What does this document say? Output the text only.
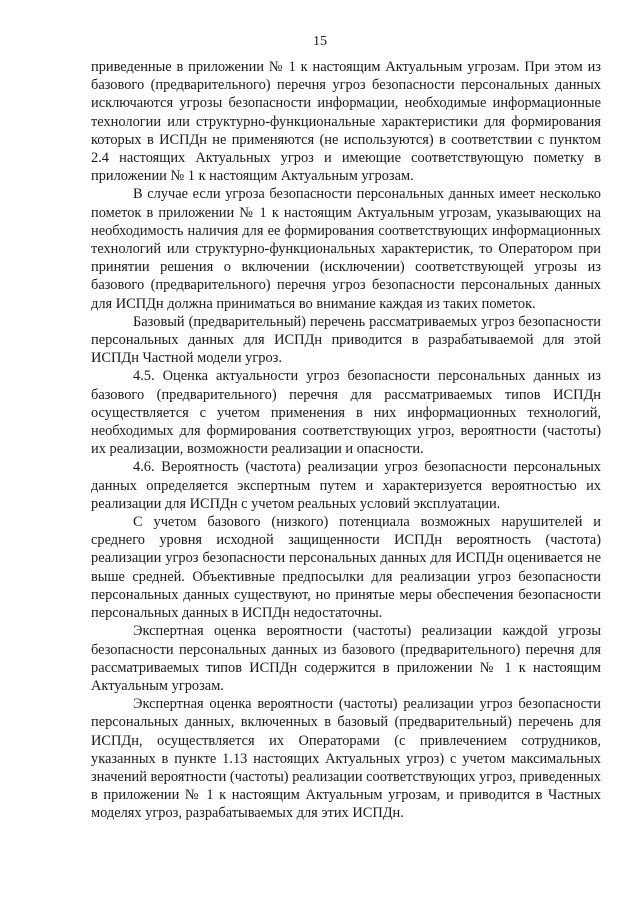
15

приведенные в приложении № 1 к настоящим Актуальным угрозам. При этом из базового (предварительного) перечня угроз безопасности персональных данных исключаются угрозы безопасности информации, необходимые информационные технологии или структурно-функциональные характеристики для формирования которых в ИСПДн не применяются (не используются) в соответствии с пунктом 2.4 настоящих Актуальных угроз и имеющие соответствующую пометку в приложении № 1 к настоящим Актуальным угрозам.

В случае если угроза безопасности персональных данных имеет несколько пометок в приложении № 1 к настоящим Актуальным угрозам, указывающих на необходимость наличия для ее формирования соответствующих информационных технологий или структурно-функциональных характеристик, то Оператором при принятии решения о включении (исключении) соответствующей угрозы из базового (предварительного) перечня угроз безопасности персональных данных для ИСПДн должна приниматься во внимание каждая из таких пометок.

Базовый (предварительный) перечень рассматриваемых угроз безопасности персональных данных для ИСПДн приводится в разрабатываемой для этой ИСПДн Частной модели угроз.

4.5. Оценка актуальности угроз безопасности персональных данных из базового (предварительного) перечня для рассматриваемых типов ИСПДн осуществляется с учетом применения в них информационных технологий, необходимых для формирования соответствующих угроз, вероятности (частоты) их реализации, возможности реализации и опасности.

4.6. Вероятность (частота) реализации угроз безопасности персональных данных определяется экспертным путем и характеризуется вероятностью их реализации для ИСПДн с учетом реальных условий эксплуатации.

С учетом базового (низкого) потенциала возможных нарушителей и среднего уровня исходной защищенности ИСПДн вероятность (частота) реализации угроз безопасности персональных данных для ИСПДн оценивается не выше средней. Объективные предпосылки для реализации угроз безопасности персональных данных существуют, но принятые меры обеспечения безопасности персональных данных в ИСПДн недостаточны.

Экспертная оценка вероятности (частоты) реализации каждой угрозы безопасности персональных данных из базового (предварительного) перечня для рассматриваемых типов ИСПДн содержится в приложении № 1 к настоящим Актуальным угрозам.

Экспертная оценка вероятности (частоты) реализации угроз безопасности персональных данных, включенных в базовый (предварительный) перечень для ИСПДн, осуществляется их Операторами (с привлечением сотрудников, указанных в пункте 1.13 настоящих Актуальных угроз) с учетом максимальных значений вероятности (частоты) реализации соответствующих угроз, приведенных в приложении № 1 к настоящим Актуальным угрозам, и приводится в Частных моделях угроз, разрабатываемых для этих ИСПДн.
